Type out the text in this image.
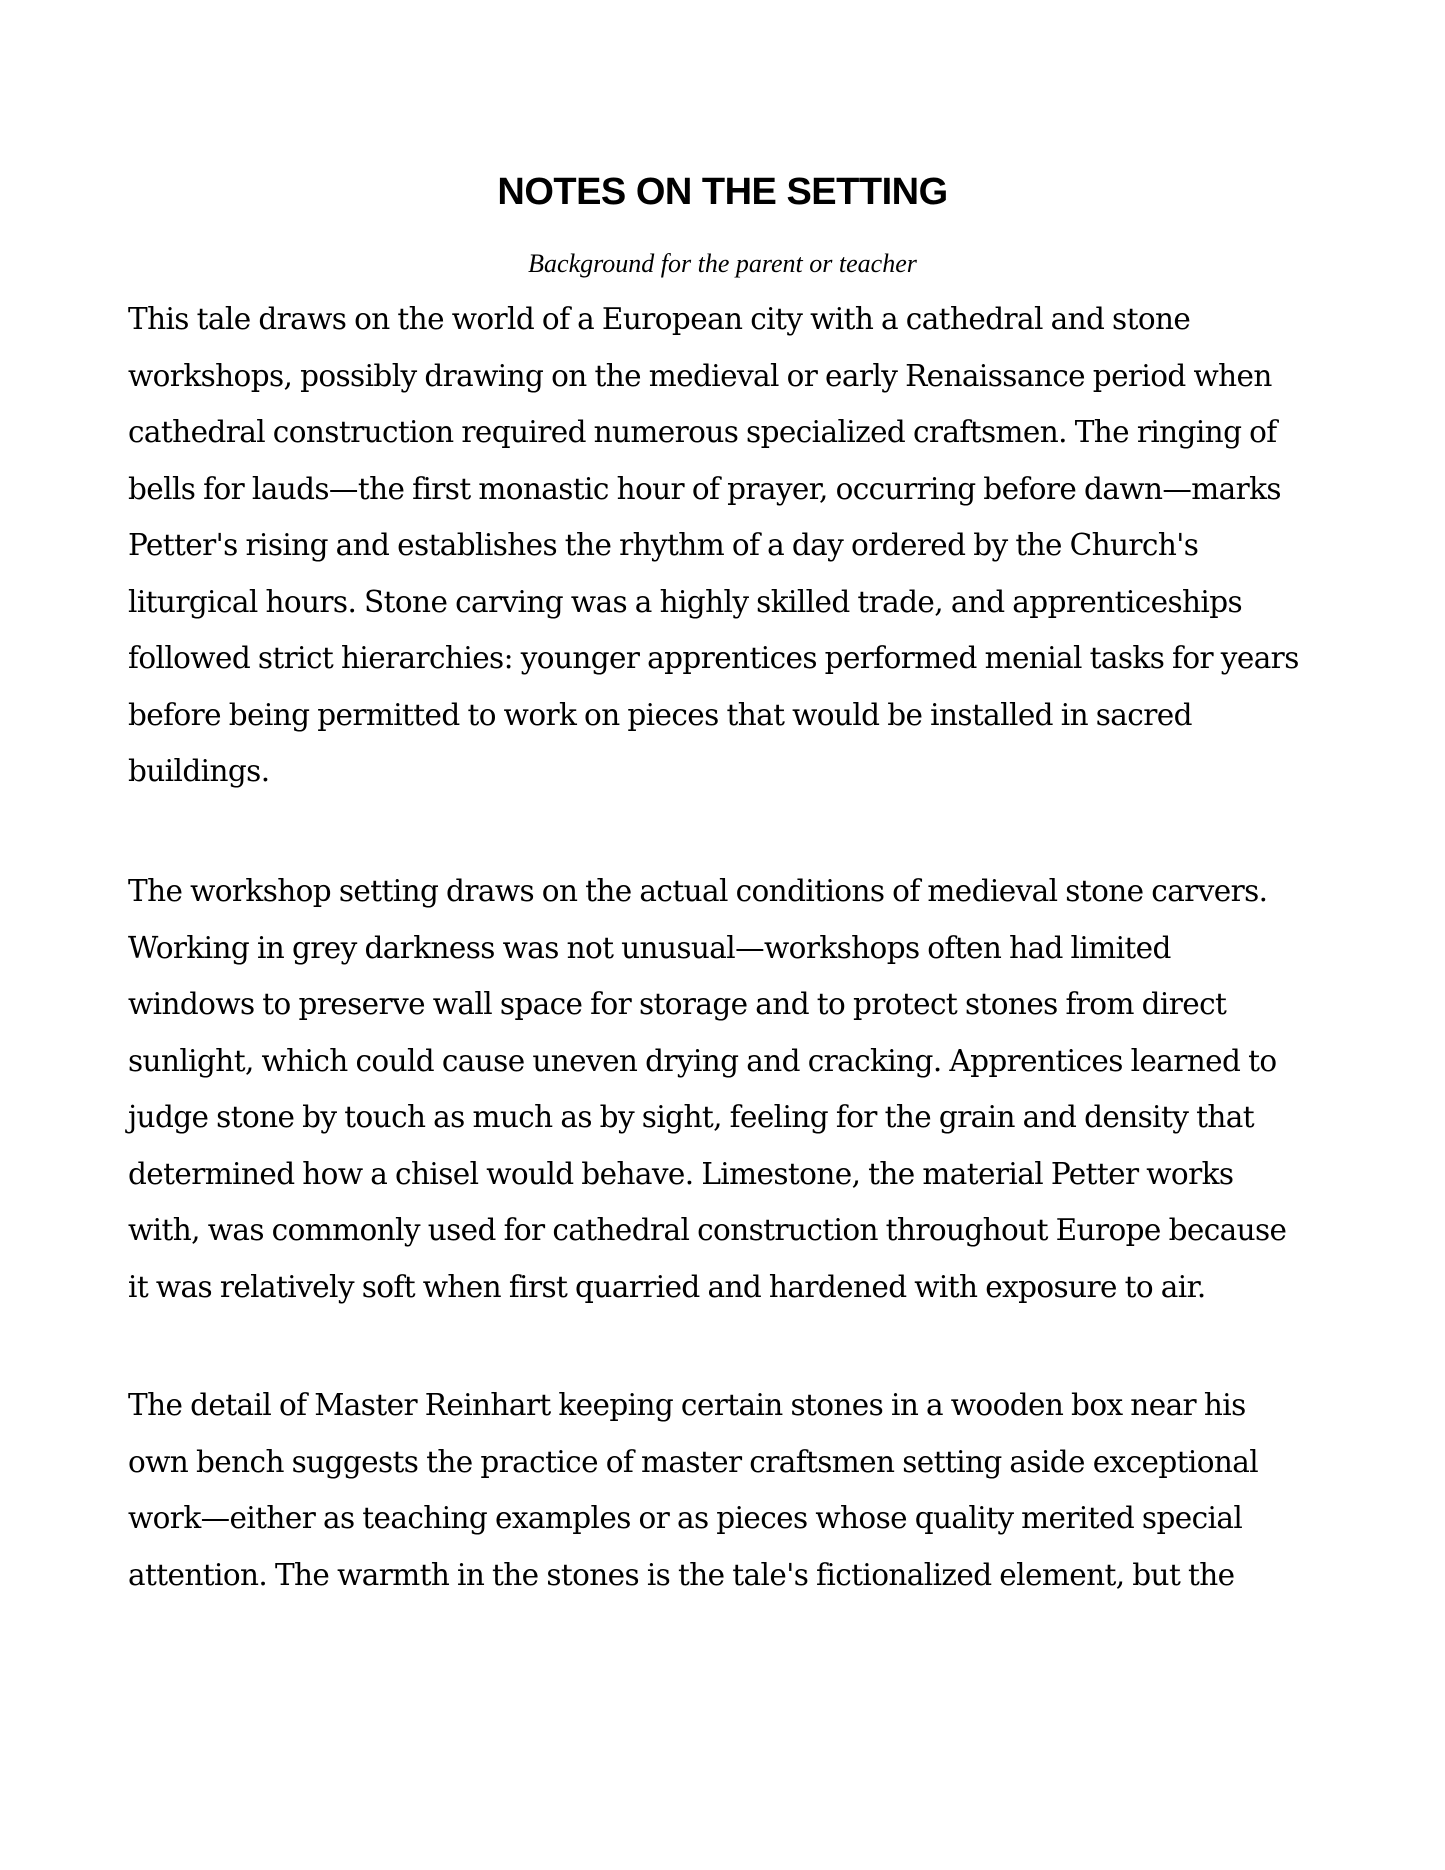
NOTES ON THE SETTING
Background for the parent or teacher
This tale draws on the world of a European city with a cathedral and stone
workshops, possibly drawing on the medieval or early Renaissance period when
cathedral construction required numerous specialized craftsmen. The ringing of
bells for lauds—the first monastic hour of prayer, occurring before dawn—marks
Petter's rising and establishes the rhythm of a day ordered by the Church's
liturgical hours. Stone carving was a highly skilled trade, and apprenticeships
followed strict hierarchies: younger apprentices performed menial tasks for years
before being permitted to work on pieces that would be installed in sacred
buildings.
The workshop setting draws on the actual conditions of medieval stone carvers.
Working in grey darkness was not unusual—workshops often had limited
windows to preserve wall space for storage and to protect stones from direct
sunlight, which could cause uneven drying and cracking. Apprentices learned to
judge stone by touch as much as by sight, feeling for the grain and density that
determined how a chisel would behave. Limestone, the material Petter works
with, was commonly used for cathedral construction throughout Europe because
it was relatively soft when first quarried and hardened with exposure to air.
The detail of Master Reinhart keeping certain stones in a wooden box near his
own bench suggests the practice of master craftsmen setting aside exceptional
work—either as teaching examples or as pieces whose quality merited special
attention. The warmth in the stones is the tale's fictionalized element, but the
